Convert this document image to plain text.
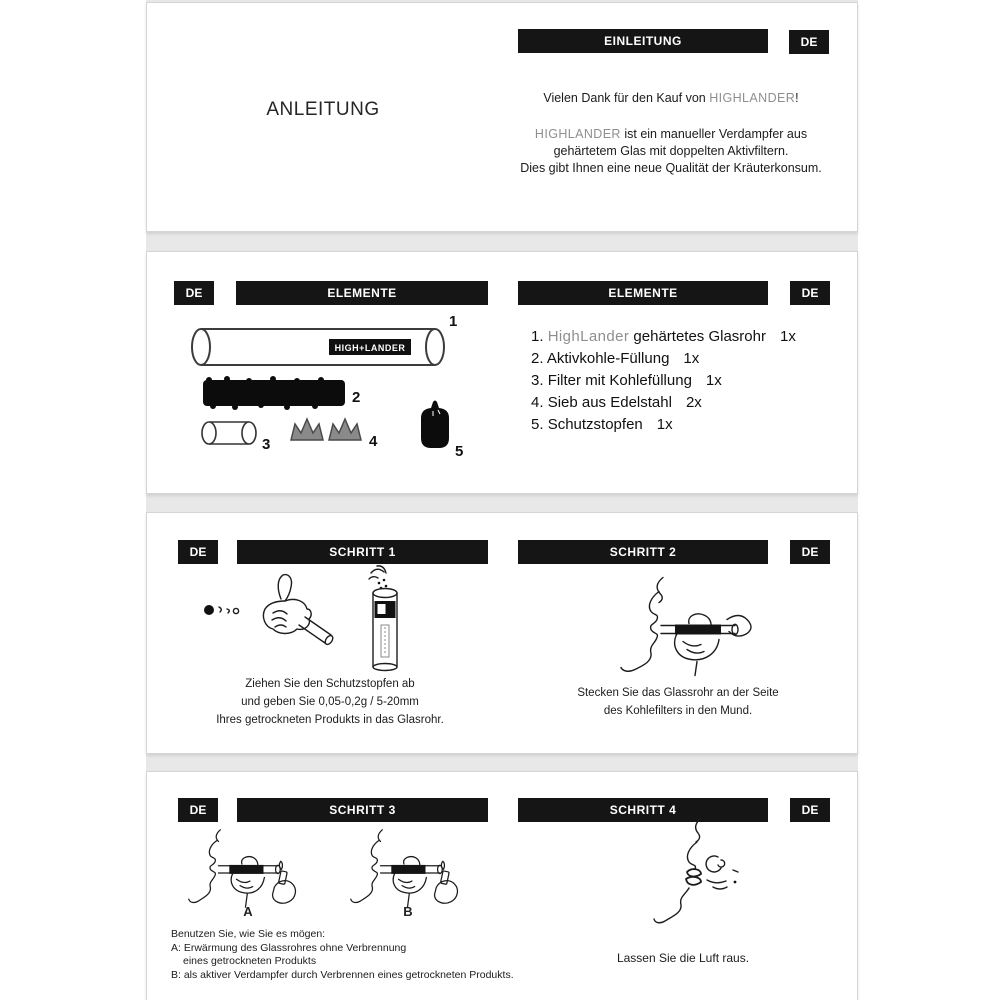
ANLEITUNG
EINLEITUNG	DE
Vielen Dank für den Kauf von HIGHLANDER!
HIGHLANDER ist ein manueller Verdampfer aus
gehärtetem Glas mit doppelten Aktivfiltern.
Dies gibt Ihnen eine neue Qualität der Kräuterkonsum.
DE	ELEMENTE	ELEMENTE	DE
HIGH+LANDER
1
2
3	4
5
1. HighLander gehärtetes Glasrohr 1x
2. Aktivkohle-Füllung 1x
3. Filter mit Kohlefüllung 1x
4. Sieb aus Edelstahl 2x
5. Schutzstopfen 1x
DE	SCHRITT 1	SCHRITT 2	DE
Ziehen Sie den Schutzstopfen ab
und geben Sie 0,05-0,2g / 5-20mm
Ihres getrockneten Produkts in das Glasrohr.
Stecken Sie das Glassrohr an der Seite
des Kohlefilters in den Mund.
DE	SCHRITT 3	SCHRITT 4	DE
A	B
Benutzen Sie, wie Sie es mögen:
A: Erwärmung des Glassrohres ohne Verbrennung
eines getrockneten Produkts
B: als aktiver Verdampfer durch Verbrennen eines getrockneten Produkts.
Lassen Sie die Luft raus.
